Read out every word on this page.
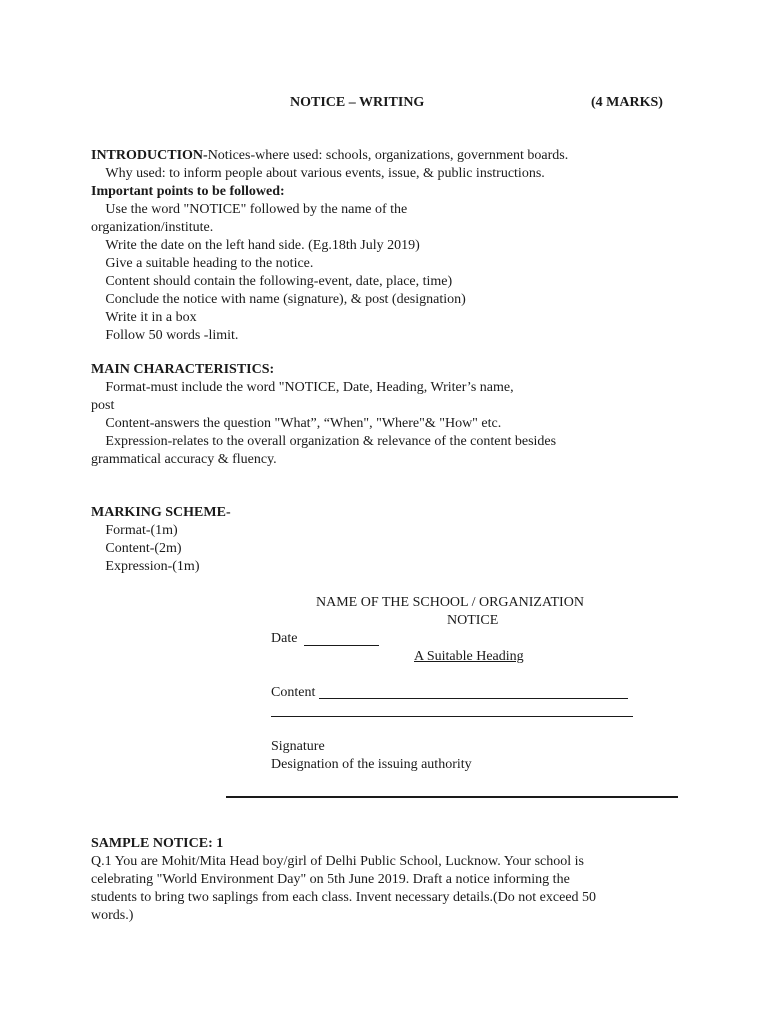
NOTICE – WRITING	(4 MARKS)
INTRODUCTION-Notices-where used: schools, organizations, government boards.
Why used: to inform people about various events, issue, & public instructions.
Important points to be followed:
Use the word "NOTICE" followed by the name of the
organization/institute.
Write the date on the left hand side. (Eg.18th July 2019)
Give a suitable heading to the notice.
Content should contain the following-event, date, place, time)
Conclude the notice with name (signature), & post (designation)
Write it in a box
Follow 50 words -limit.
MAIN CHARACTERISTICS:
Format-must include the word "NOTICE, Date, Heading, Writer’s name,
post
Content-answers the question "What”, “When", "Where"& "How" etc.
Expression-relates to the overall organization & relevance of the content besides
grammatical accuracy & fluency.
MARKING SCHEME-
Format-(1m)
Content-(2m)
Expression-(1m)
NAME OF THE SCHOOL / ORGANIZATION
NOTICE
Date
A Suitable Heading
Content
Signature
Designation of the issuing authority
SAMPLE NOTICE: 1
Q.1 You are Mohit/Mita Head boy/girl of Delhi Public School, Lucknow. Your school is
celebrating "World Environment Day" on 5th June 2019. Draft a notice informing the
students to bring two saplings from each class. Invent necessary details.(Do not exceed 50
words.)
